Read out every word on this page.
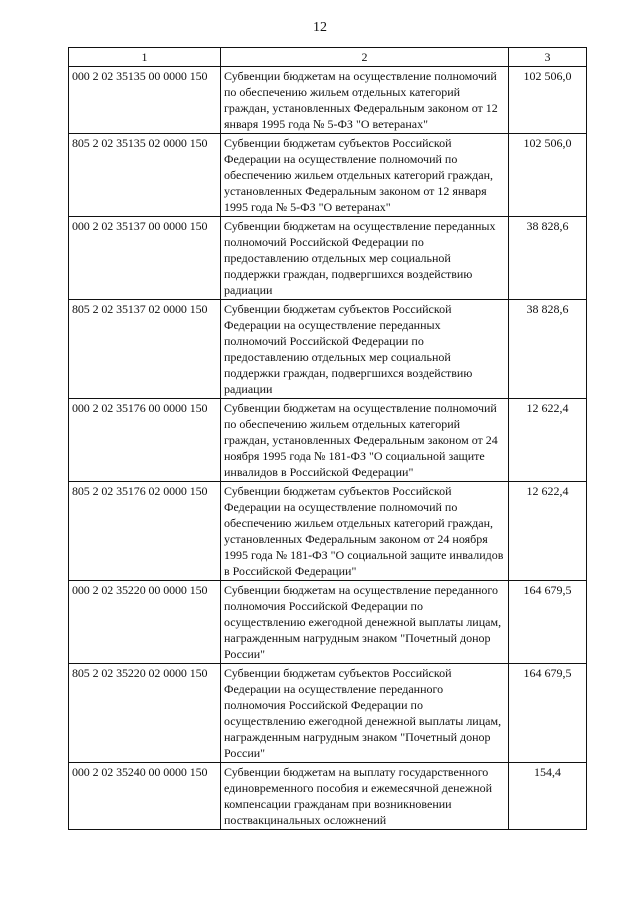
12
1	2	3
000 2 02 35135 00 0000 150	Субвенции бюджетам на осуществление полномочий по обеспечению жильем отдельных категорий граждан, установленных Федеральным законом от 12 января 1995 года № 5-ФЗ "О ветеранах"	102 506,0
805 2 02 35135 02 0000 150	Субвенции бюджетам субъектов Российской Федерации на осуществление полномочий по обеспечению жильем отдельных категорий граждан, установленных Федеральным законом от 12 января 1995 года № 5-ФЗ "О ветеранах"	102 506,0
000 2 02 35137 00 0000 150	Субвенции бюджетам на осуществление переданных полномочий Российской Федерации по предоставлению отдельных мер социальной поддержки граждан, подвергшихся воздействию радиации	38 828,6
805 2 02 35137 02 0000 150	Субвенции бюджетам субъектов Российской Федерации на осуществление переданных полномочий Российской Федерации по предоставлению отдельных мер социальной поддержки граждан, подвергшихся воздействию радиации	38 828,6
000 2 02 35176 00 0000 150	Субвенции бюджетам на осуществление полномочий по обеспечению жильем отдельных категорий граждан, установленных Федеральным законом от 24 ноября 1995 года № 181-ФЗ "О социальной защите инвалидов в Российской Федерации"	12 622,4
805 2 02 35176 02 0000 150	Субвенции бюджетам субъектов Российской Федерации на осуществление полномочий по обеспечению жильем отдельных категорий граждан, установленных Федеральным законом от 24 ноября 1995 года № 181-ФЗ "О социальной защите инвалидов в Российской Федерации"	12 622,4
000 2 02 35220 00 0000 150	Субвенции бюджетам на осуществление переданного полномочия Российской Федерации по осуществлению ежегодной денежной выплаты лицам, награжденным нагрудным знаком "Почетный донор России"	164 679,5
805 2 02 35220 02 0000 150	Субвенции бюджетам субъектов Российской Федерации на осуществление переданного полномочия Российской Федерации по осуществлению ежегодной денежной выплаты лицам, награжденным нагрудным знаком "Почетный донор России"	164 679,5
000 2 02 35240 00 0000 150	Субвенции бюджетам на выплату государственного единовременного пособия и ежемесячной денежной компенсации гражданам при возникновении поствакцинальных осложнений	154,4
